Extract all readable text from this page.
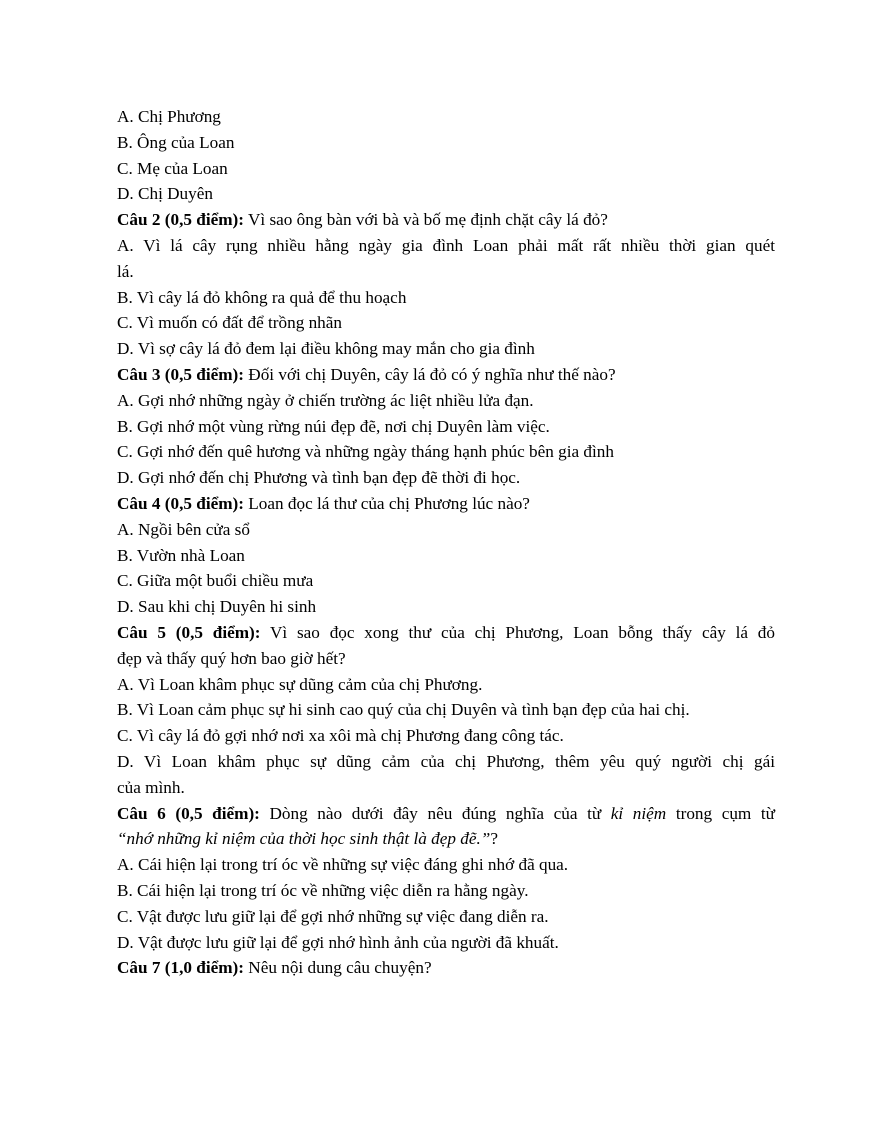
A. Chị Phương
B. Ông của Loan
C. Mẹ của Loan
D. Chị Duyên
Câu 2 (0,5 điểm): Vì sao ông bàn với bà và bố mẹ định chặt cây lá đỏ?
A. Vì lá cây rụng nhiều hằng ngày gia đình Loan phải mất rất nhiều thời gian quét
lá.
B. Vì cây lá đỏ không ra quả để thu hoạch
C. Vì muốn có đất để trồng nhãn
D. Vì sợ cây lá đỏ đem lại điều không may mắn cho gia đình
Câu 3 (0,5 điểm): Đối với chị Duyên, cây lá đỏ có ý nghĩa như thế nào?
A. Gợi nhớ những ngày ở chiến trường ác liệt nhiều lửa đạn.
B. Gợi nhớ một vùng rừng núi đẹp đẽ, nơi chị Duyên làm việc.
C. Gợi nhớ đến quê hương và những ngày tháng hạnh phúc bên gia đình
D. Gợi nhớ đến chị Phương và tình bạn đẹp đẽ thời đi học.
Câu 4 (0,5 điểm): Loan đọc lá thư của chị Phương lúc nào?
A. Ngồi bên cửa sổ
B. Vườn nhà Loan
C. Giữa một buổi chiều mưa
D. Sau khi chị Duyên hi sinh
Câu 5 (0,5 điểm): Vì sao đọc xong thư của chị Phương, Loan bỗng thấy cây lá đỏ
đẹp và thấy quý hơn bao giờ hết?
A. Vì Loan khâm phục sự dũng cảm của chị Phương.
B. Vì Loan cảm phục sự hi sinh cao quý của chị Duyên và tình bạn đẹp của hai chị.
C. Vì cây lá đỏ gợi nhớ nơi xa xôi mà chị Phương đang công tác.
D. Vì Loan khâm phục sự dũng cảm của chị Phương, thêm yêu quý người chị gái
của mình.
Câu 6 (0,5 điểm): Dòng nào dưới đây nêu đúng nghĩa của từ kỉ niệm trong cụm từ
“nhớ những kỉ niệm của thời học sinh thật là đẹp đẽ.”?
A. Cái hiện lại trong trí óc về những sự việc đáng ghi nhớ đã qua.
B. Cái hiện lại trong trí óc về những việc diễn ra hằng ngày.
C. Vật được lưu giữ lại để gợi nhớ những sự việc đang diễn ra.
D. Vật được lưu giữ lại để gợi nhớ hình ảnh của người đã khuất.
Câu 7 (1,0 điểm): Nêu nội dung câu chuyện?
